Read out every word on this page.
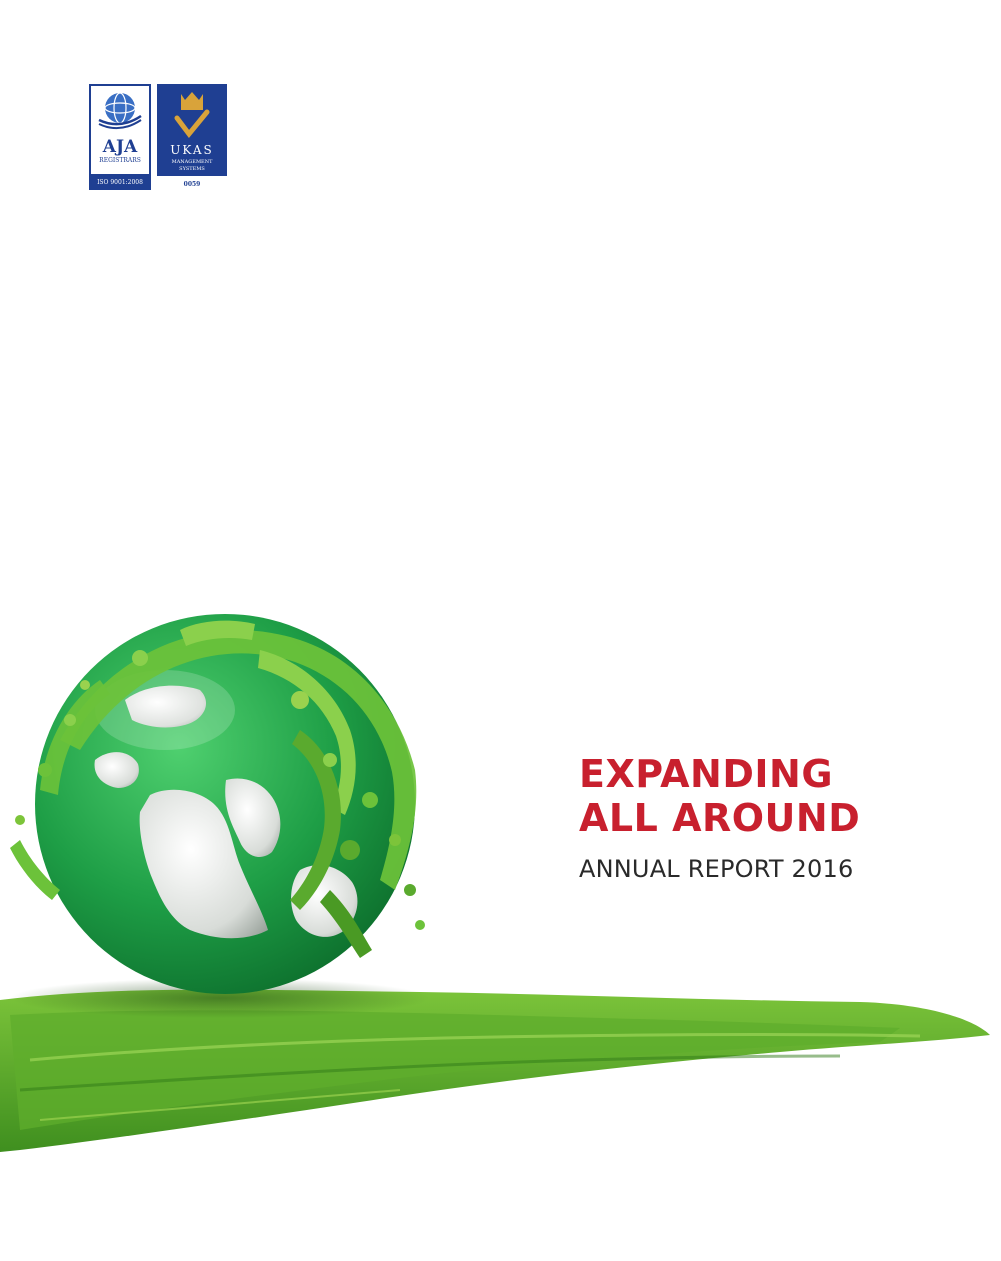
AJA
REGISTRARS
ISO 9001:2008
UKAS
MANAGEMENT
SYSTEMS
0059
EXPANDING
ALL AROUND
ANNUAL REPORT 2016
